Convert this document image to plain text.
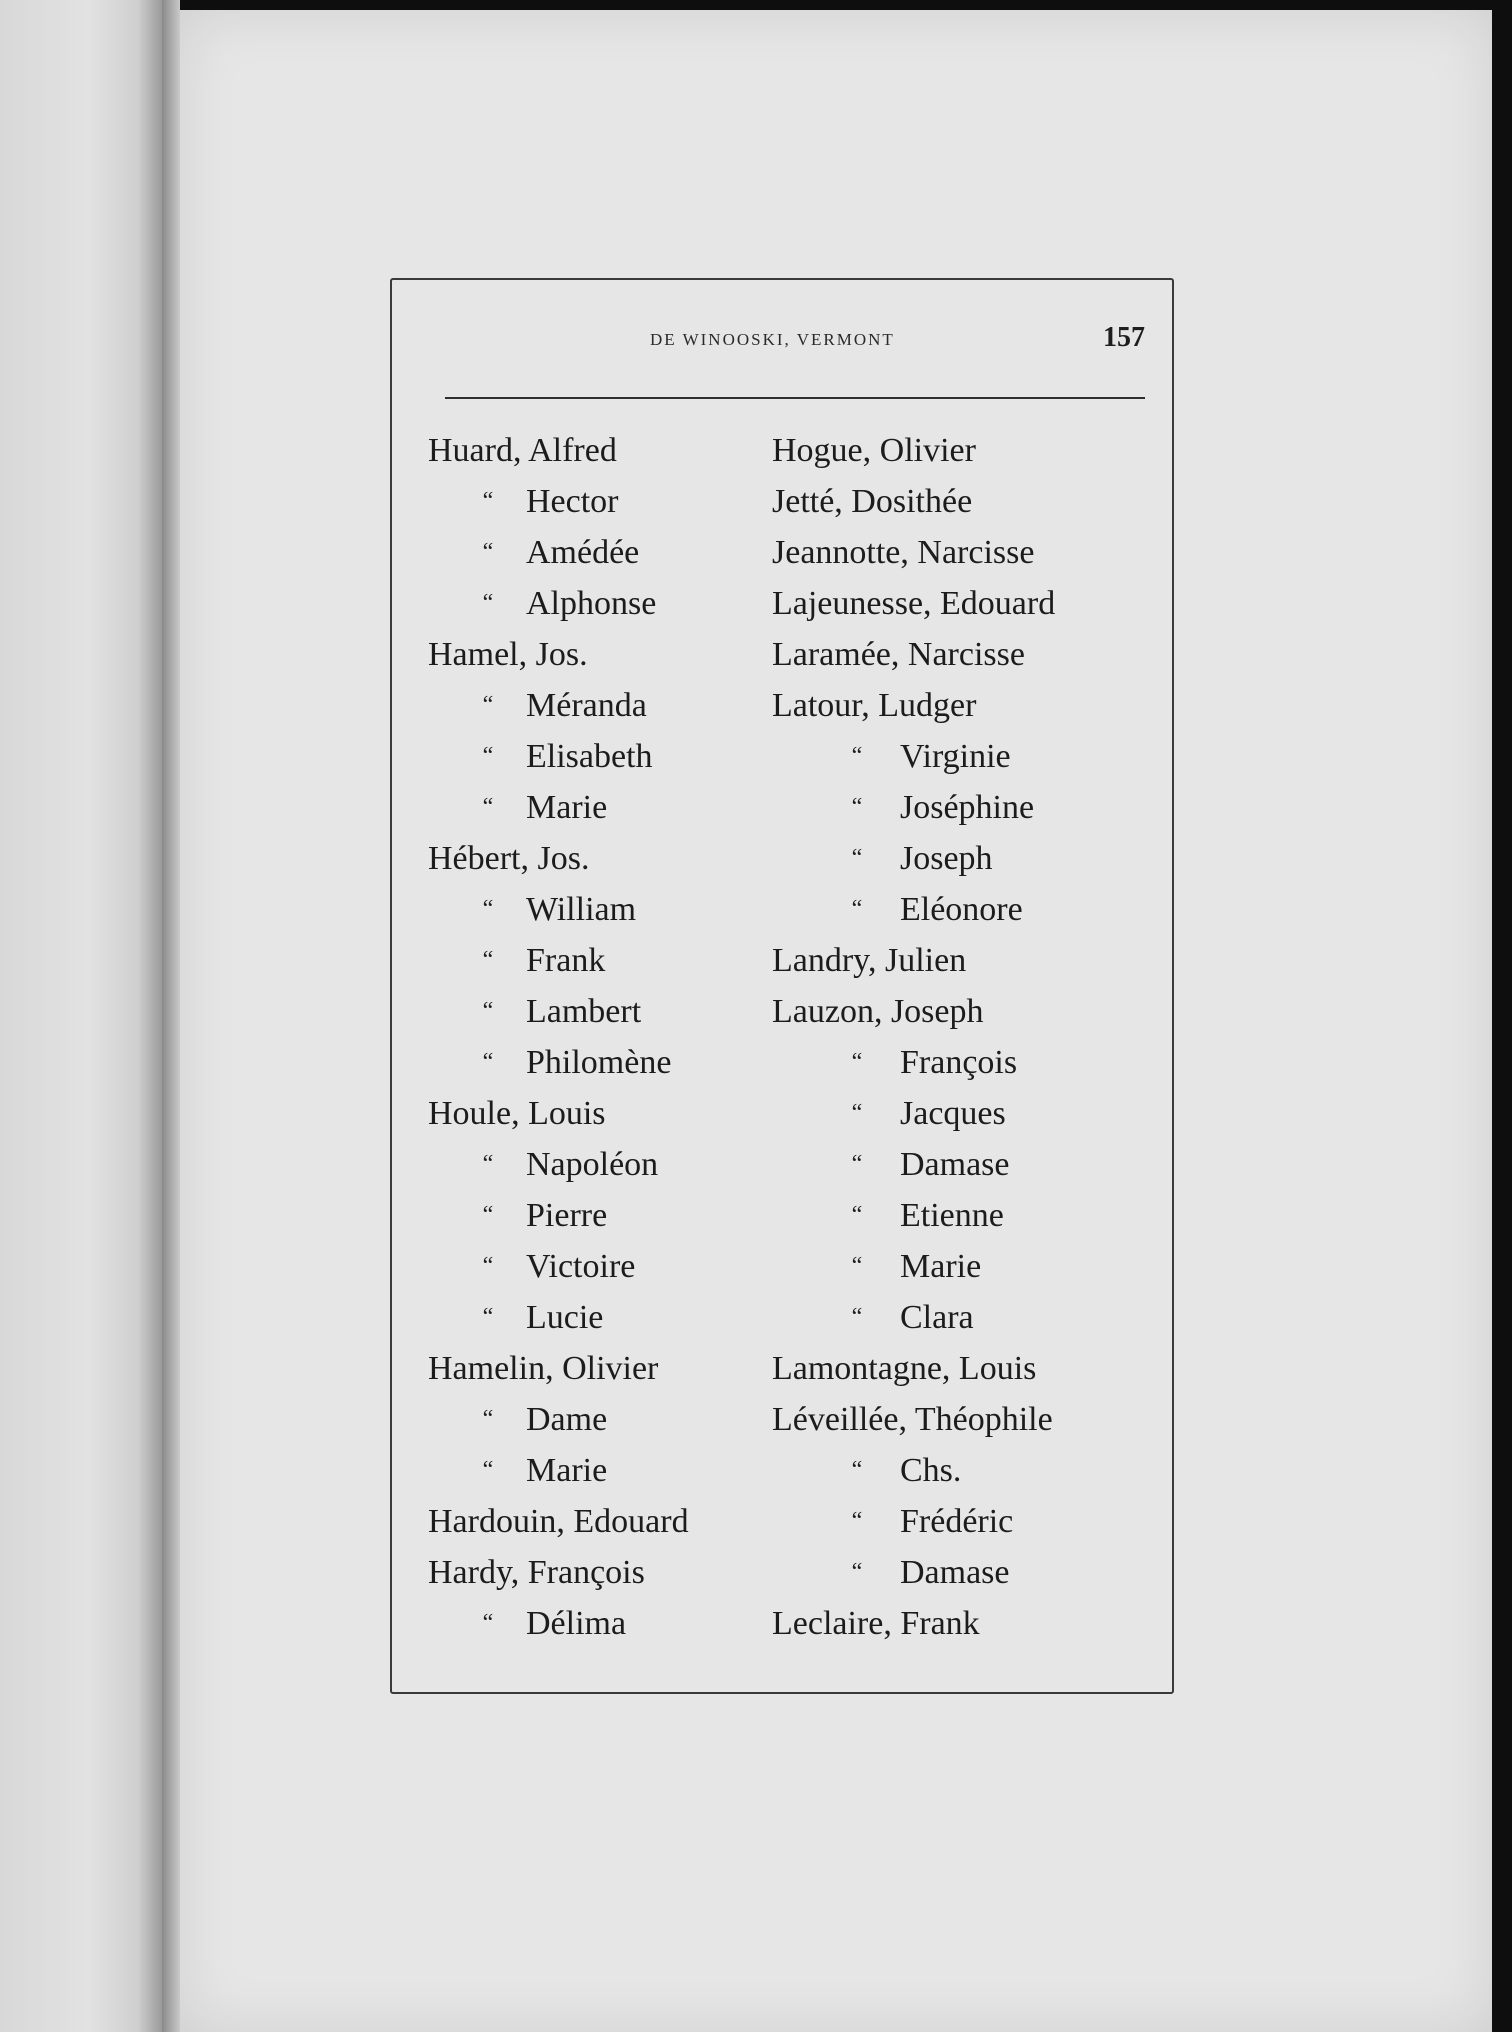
DE WINOOSKI, VERMONT	157
Huard, Alfred
“ Hector
“ Amédée
“ Alphonse
Hamel, Jos.
“ Méranda
“ Elisabeth
“ Marie
Hébert, Jos.
“ William
“ Frank
“ Lambert
“ Philomène
Houle, Louis
“ Napoléon
“ Pierre
“ Victoire
“ Lucie
Hamelin, Olivier
“ Dame
“ Marie
Hardouin, Edouard
Hardy, François
“ Délima
Hogue, Olivier
Jetté, Dosithée
Jeannotte, Narcisse
Lajeunesse, Edouard
Laramée, Narcisse
Latour, Ludger
“ Virginie
“ Joséphine
“ Joseph
“ Eléonore
Landry, Julien
Lauzon, Joseph
“ François
“ Jacques
“ Damase
“ Etienne
“ Marie
“ Clara
Lamontagne, Louis
Léveillée, Théophile
“ Chs.
“ Frédéric
“ Damase
Leclaire, Frank
